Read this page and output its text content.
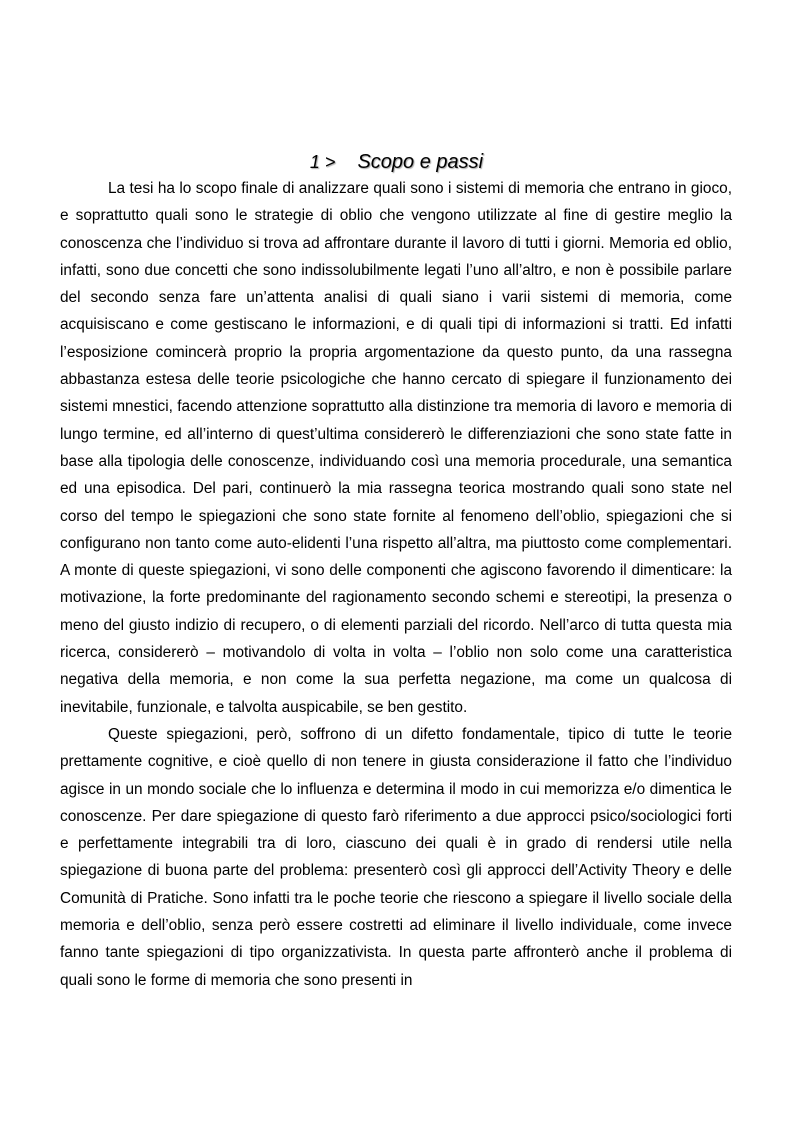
1 > Scopo e passi

La tesi ha lo scopo finale di analizzare quali sono i sistemi di memoria che entrano in gioco, e soprattutto quali sono le strategie di oblio che vengono utilizzate al fine di gestire meglio la conoscenza che l’individuo si trova ad affrontare durante il lavoro di tutti i giorni. Memoria ed oblio, infatti, sono due concetti che sono indissolubilmente legati l’uno all’altro, e non è possibile parlare del secondo senza fare un’attenta analisi di quali siano i varii sistemi di memoria, come acquisiscano e come gestiscano le informazioni, e di quali tipi di informazioni si tratti. Ed infatti l’esposizione comincerà proprio la propria argomentazione da questo punto, da una rassegna abbastanza estesa delle teorie psicologiche che hanno cercato di spiegare il funzionamento dei sistemi mnestici, facendo attenzione soprattutto alla distinzione tra memoria di lavoro e memoria di lungo termine, ed all’interno di quest’ultima considererò le differenziazioni che sono state fatte in base alla tipologia delle conoscenze, individuando così una memoria procedurale, una semantica ed una episodica. Del pari, continuerò la mia rassegna teorica mostrando quali sono state nel corso del tempo le spiegazioni che sono state fornite al fenomeno dell’oblio, spiegazioni che si configurano non tanto come auto-elidenti l’una rispetto all’altra, ma piuttosto come complementari. A monte di queste spiegazioni, vi sono delle componenti che agiscono favorendo il dimenticare: la motivazione, la forte predominante del ragionamento secondo schemi e stereotipi, la presenza o meno del giusto indizio di recupero, o di elementi parziali del ricordo. Nell’arco di tutta questa mia ricerca, considererò – motivandolo di volta in volta – l’oblio non solo come una caratteristica negativa della memoria, e non come la sua perfetta negazione, ma come un qualcosa di inevitabile, funzionale, e talvolta auspicabile, se ben gestito.

Queste spiegazioni, però, soffrono di un difetto fondamentale, tipico di tutte le teorie prettamente cognitive, e cioè quello di non tenere in giusta considerazione il fatto che l’individuo agisce in un mondo sociale che lo influenza e determina il modo in cui memorizza e/o dimentica le conoscenze. Per dare spiegazione di questo farò riferimento a due approcci psico/sociologici forti e perfettamente integrabili tra di loro, ciascuno dei quali è in grado di rendersi utile nella spiegazione di buona parte del problema: presenterò così gli approcci dell’Activity Theory e delle Comunità di Pratiche. Sono infatti tra le poche teorie che riescono a spiegare il livello sociale della memoria e dell’oblio, senza però essere costretti ad eliminare il livello individuale, come invece fanno tante spiegazioni di tipo organizzativista. In questa parte affronterò anche il problema di quali sono le forme di memoria che sono presenti in
